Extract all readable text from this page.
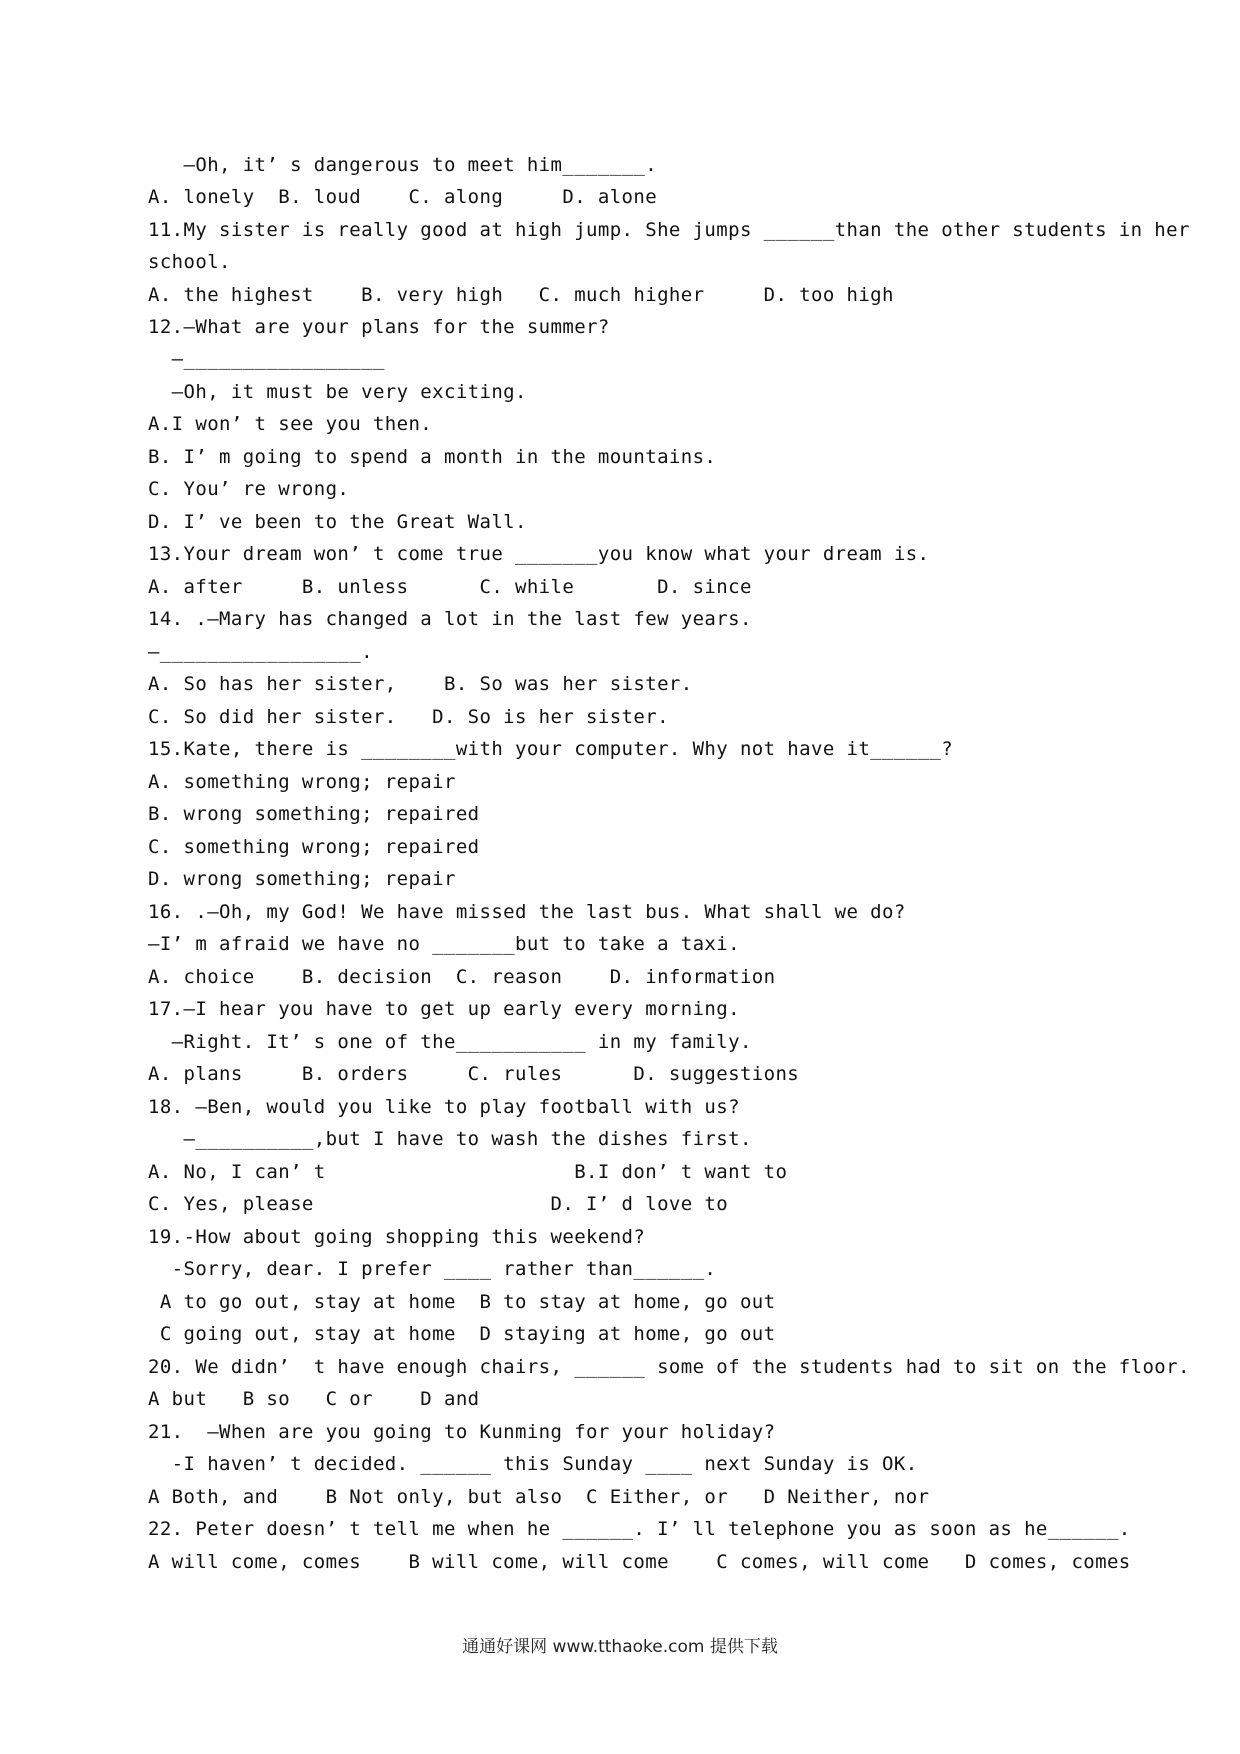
—Oh, it’ s dangerous to meet him_______.
A. lonely  B. loud    C. along     D. alone
11.My sister is really good at high jump. She jumps ______than the other students in her
school.
A. the highest    B. very high   C. much higher     D. too high
12.—What are your plans for the summer?
—_________________
—Oh, it must be very exciting.
A.I won’ t see you then.
B. I’ m going to spend a month in the mountains.
C. You’ re wrong.
D. I’ ve been to the Great Wall.
13.Your dream won’ t come true _______you know what your dream is.
A. after     B. unless      C. while       D. since
14. .—Mary has changed a lot in the last few years.
—_________________.
A. So has her sister,    B. So was her sister.
C. So did her sister.   D. So is her sister.
15.Kate, there is ________with your computer. Why not have it______?
A. something wrong; repair
B. wrong something; repaired
C. something wrong; repaired
D. wrong something; repair
16. .—Oh, my God! We have missed the last bus. What shall we do?
—I’ m afraid we have no _______but to take a taxi.
A. choice    B. decision  C. reason    D. information
17.—I hear you have to get up early every morning.
—Right. It’ s one of the___________ in my family.
A. plans     B. orders     C. rules      D. suggestions
18. —Ben, would you like to play football with us?
—__________,but I have to wash the dishes first.
A. No, I can’ t                     B.I don’ t want to
C. Yes, please                    D. I’ d love to
19.-How about going shopping this weekend?
-Sorry, dear. I prefer ____ rather than______.
A to go out, stay at home  B to stay at home, go out
C going out, stay at home  D staying at home, go out
20. We didn’  t have enough chairs, ______ some of the students had to sit on the floor.
A but   B so   C or    D and
21.  –When are you going to Kunming for your holiday?
-I haven’ t decided. ______ this Sunday ____ next Sunday is OK.
A Both, and    B Not only, but also  C Either, or   D Neither, nor
22. Peter doesn’ t tell me when he ______. I’ ll telephone you as soon as he______.
A will come, comes    B will come, will come    C comes, will come   D comes, comes
通通好课网 www.tthaoke.com 提供下载
